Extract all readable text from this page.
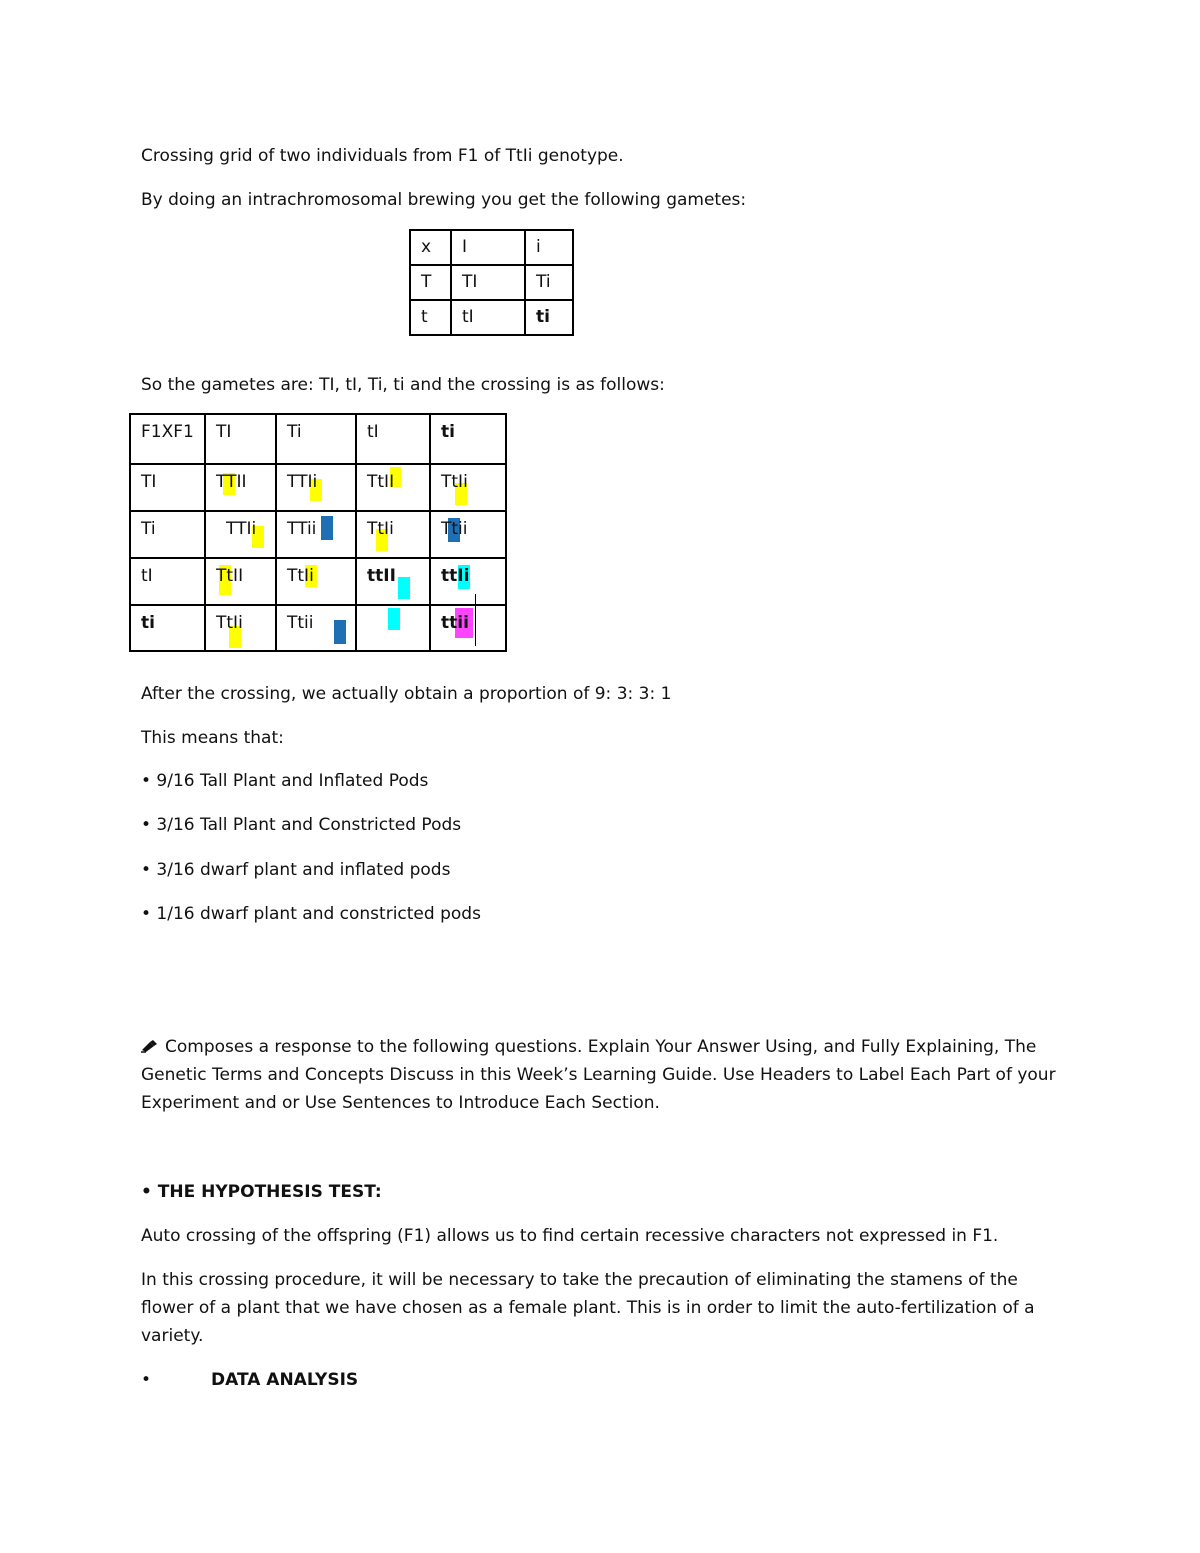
Crossing grid of two individuals from F1 of TtIi genotype.
By doing an intrachromosomal brewing you get the following gametes:
x	I	i
T	TI	Ti
t	tI	ti
So the gametes are: TI, tI, Ti, ti and the crossing is as follows:
F1XF1	TI	Ti	tI	ti
TI	TTII	TTIi	TtII	TtIi
Ti	TTIi	TTii	TtIi	Ttii
tI	TtII	TtIi	ttII	ttIi
ti	TtIi	Ttii		ttii
After the crossing, we actually obtain a proportion of 9: 3: 3: 1
This means that:
• 9/16 Tall Plant and Inflated Pods
• 3/16 Tall Plant and Constricted Pods
• 3/16 dwarf plant and inflated pods
• 1/16 dwarf plant and constricted pods
Composes a response to the following questions. Explain Your Answer Using, and Fully Explaining, The Genetic Terms and Concepts Discuss in this Week’s Learning Guide. Use Headers to Label Each Part of your Experiment and or Use Sentences to Introduce Each Section.
• THE HYPOTHESIS TEST:
Auto crossing of the offspring (F1) allows us to find certain recessive characters not expressed in F1.
In this crossing procedure, it will be necessary to take the precaution of eliminating the stamens of the flower of a plant that we have chosen as a female plant. This is in order to limit the auto-fertilization of a variety.
•	DATA ANALYSIS
